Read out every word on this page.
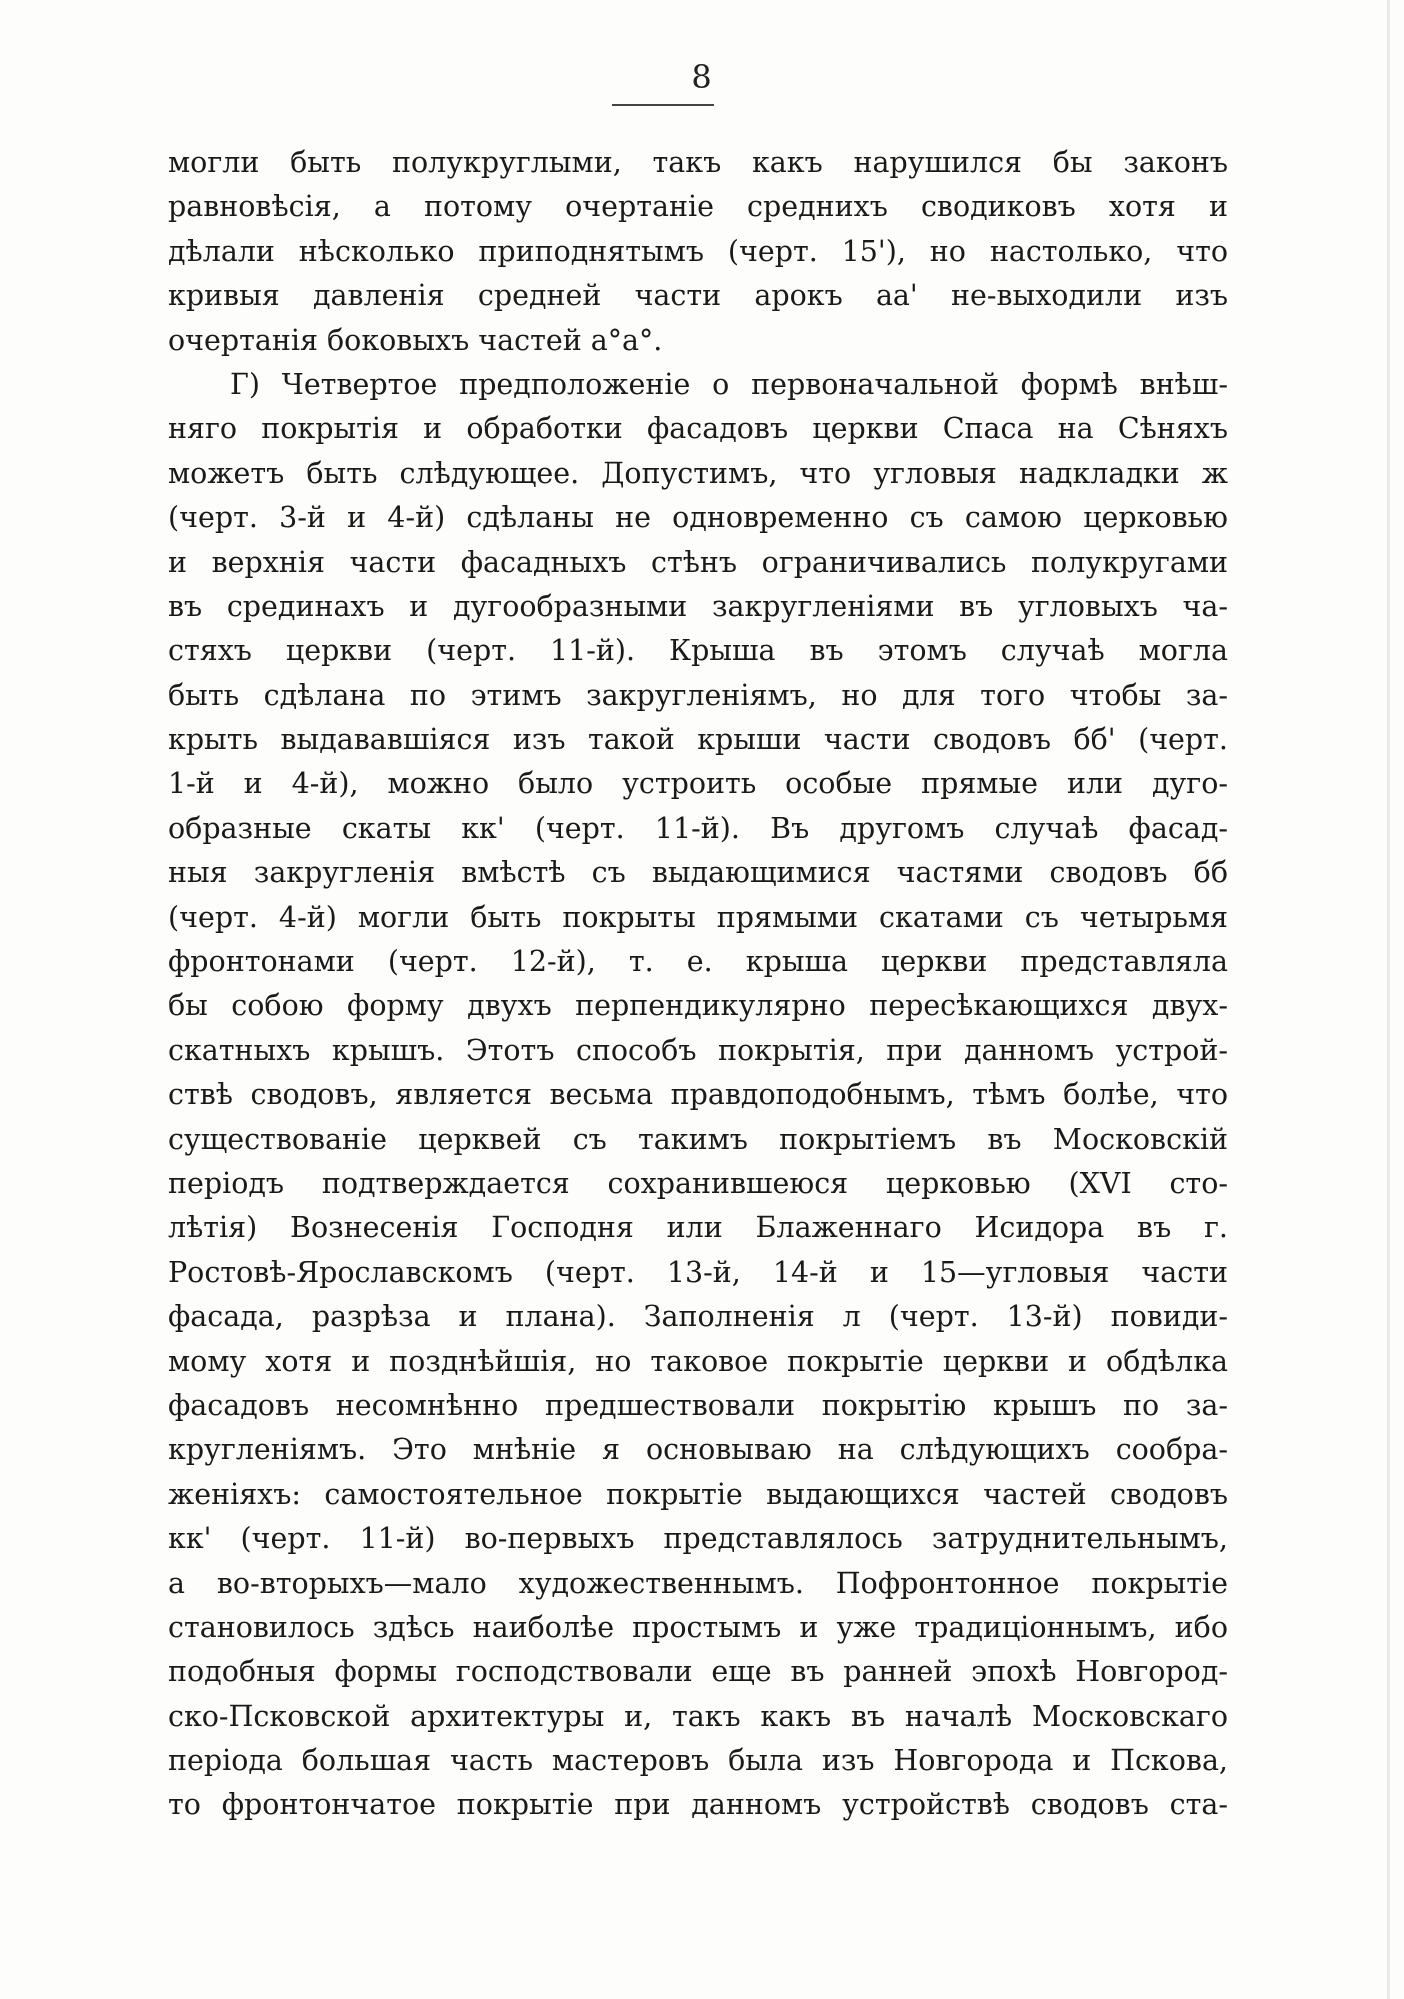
8
могли быть полукруглыми, такъ какъ нарушился бы законъ
равновѣсія, а потому очертаніе среднихъ сводиковъ хотя и
дѣлали нѣсколько приподнятымъ (черт. 15'), но настолько, что
кривыя давленія средней части арокъ аа' не-выходили изъ
очертанія боковыхъ частей а°а°.
Г) Четвертое предположеніе о первоначальной формѣ внѣш-
няго покрытія и обработки фасадовъ церкви Спаса на Сѣняхъ
можетъ быть слѣдующее. Допустимъ, что угловыя надкладки ж
(черт. 3-й и 4-й) сдѣланы не одновременно съ самою церковью
и верхнія части фасадныхъ стѣнъ ограничивались полукругами
въ срединахъ и дугообразными закругленіями въ угловыхъ ча-
стяхъ церкви (черт. 11-й). Крыша въ этомъ случаѣ могла
быть сдѣлана по этимъ закругленіямъ, но для того чтобы за-
крыть выдававшіяся изъ такой крыши части сводовъ бб' (черт.
1-й и 4-й), можно было устроить особые прямые или дуго-
образные скаты кк' (черт. 11-й). Въ другомъ случаѣ фасад-
ныя закругленія вмѣстѣ съ выдающимися частями сводовъ бб
(черт. 4-й) могли быть покрыты прямыми скатами съ четырьмя
фронтонами (черт. 12-й), т. е. крыша церкви представляла
бы собою форму двухъ перпендикулярно пересѣкающихся двух-
скатныхъ крышъ. Этотъ способъ покрытія, при данномъ устрой-
ствѣ сводовъ, является весьма правдоподобнымъ, тѣмъ болѣе, что
существованіе церквей съ такимъ покрытіемъ въ Московскій
періодъ подтверждается сохранившеюся церковью (XVI сто-
лѣтія) Вознесенія Господня или Блаженнаго Исидора въ г.
Ростовѣ-Ярославскомъ (черт. 13-й, 14-й и 15—угловыя части
фасада, разрѣза и плана). Заполненія л (черт. 13-й) повиди-
мому хотя и позднѣйшія, но таковое покрытіе церкви и обдѣлка
фасадовъ несомнѣнно предшествовали покрытію крышъ по за-
кругленіямъ. Это мнѣніе я основываю на слѣдующихъ сообра-
женіяхъ: самостоятельное покрытіе выдающихся частей сводовъ
кк' (черт. 11-й) во-первыхъ представлялось затруднительнымъ,
а во-вторыхъ—мало художественнымъ. Пофронтонное покрытіе
становилось здѣсь наиболѣе простымъ и уже традиціоннымъ, ибо
подобныя формы господствовали еще въ ранней эпохѣ Новгород-
ско-Псковской архитектуры и, такъ какъ въ началѣ Московскаго
періода большая часть мастеровъ была изъ Новгорода и Пскова,
то фронтончатое покрытіе при данномъ устройствѣ сводовъ ста-
